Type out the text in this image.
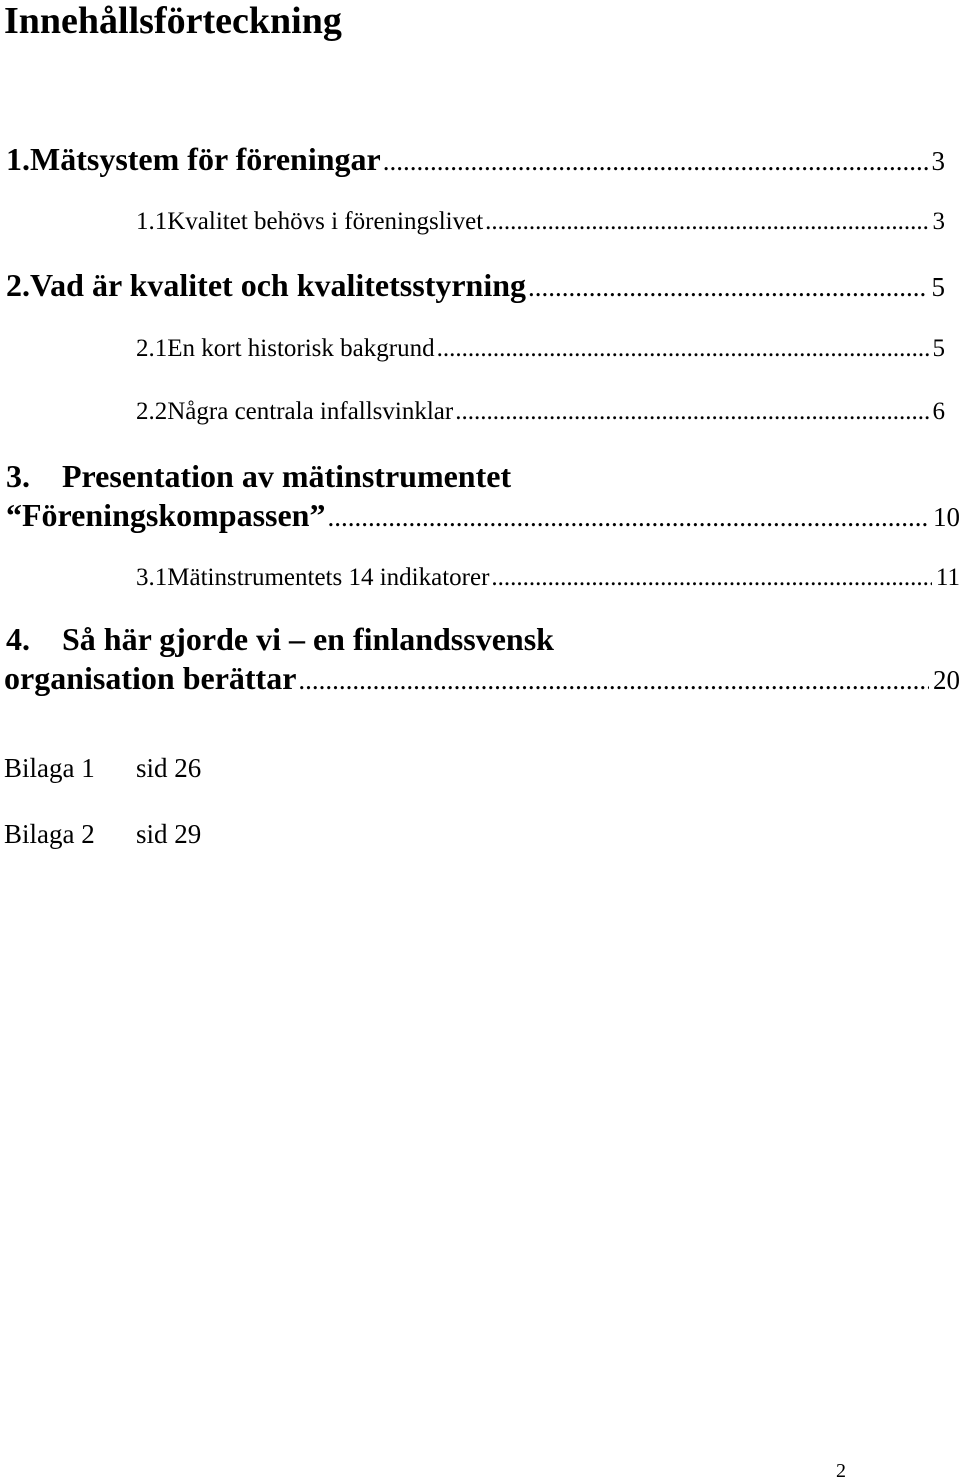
Innehållsförteckning
1. Mätsystem för föreningar .....	3
1.1 Kvalitet behövs i föreningslivet .....	3
2. Vad är kvalitet och kvalitetsstyrning .....	5
2.1 En kort historisk bakgrund .....	5
2.2 Några centrala infallsvinklar .....	6
3. Presentation av mätinstrumentet
“Föreningskompassen” .....	10
3.1 Mätinstrumentets 14 indikatorer .....	11
4. Så här gjorde vi – en finlandssvensk
organisation berättar .....	20
Bilaga 1 sid 26
Bilaga 2 sid 29
2
